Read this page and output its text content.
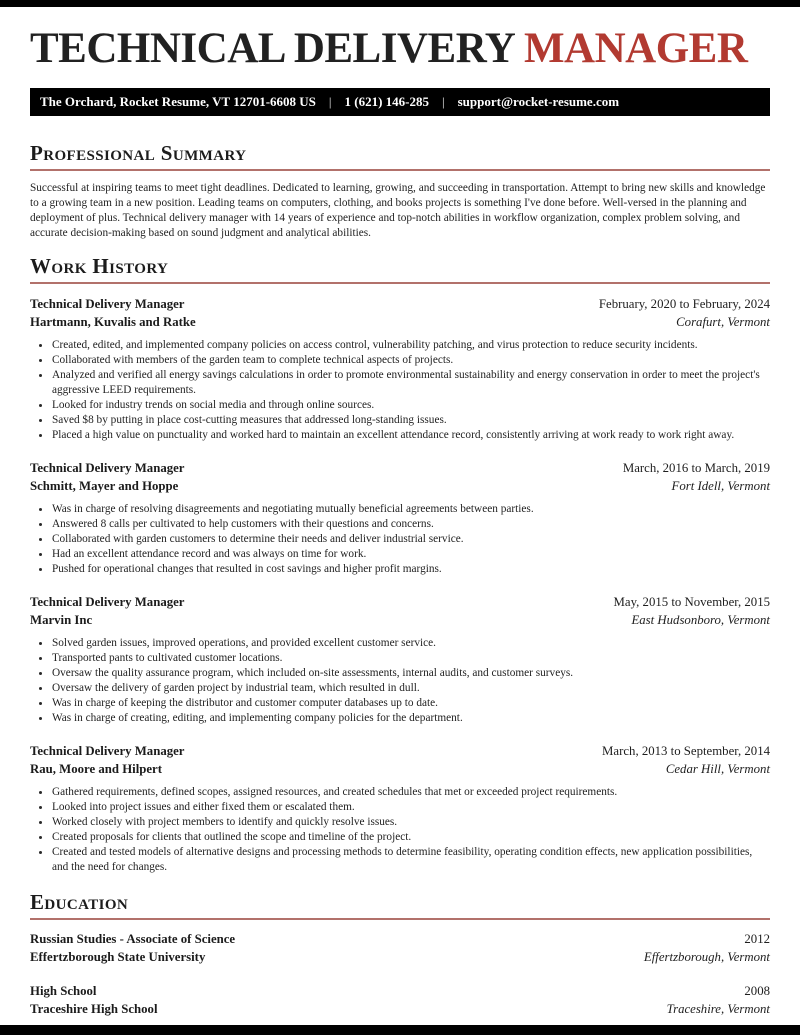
TECHNICAL DELIVERY MANAGER
The Orchard, Rocket Resume, VT 12701-6608 US | 1 (621) 146-285 | support@rocket-resume.com
Professional Summary

Successful at inspiring teams to meet tight deadlines. Dedicated to learning, growing, and succeeding in transportation. Attempt to bring new skills and knowledge to a growing team in a new position. Leading teams on computers, clothing, and books projects is something I've done before. Well-versed in the planning and deployment of plus. Technical delivery manager with 14 years of experience and top-notch abilities in workflow organization, complex problem solving, and accurate decision-making based on sound judgment and analytical abilities.

Work History
Technical Delivery Manager	February, 2020 to February, 2024
Hartmann, Kuvalis and Ratke	Corafurt, Vermont
• Created, edited, and implemented company policies on access control, vulnerability patching, and virus protection to reduce security incidents.
• Collaborated with members of the garden team to complete technical aspects of projects.
• Analyzed and verified all energy savings calculations in order to promote environmental sustainability and energy conservation in order to meet the project's aggressive LEED requirements.
• Looked for industry trends on social media and through online sources.
• Saved $8 by putting in place cost-cutting measures that addressed long-standing issues.
• Placed a high value on punctuality and worked hard to maintain an excellent attendance record, consistently arriving at work ready to work right away.
Technical Delivery Manager	March, 2016 to March, 2019
Schmitt, Mayer and Hoppe	Fort Idell, Vermont
• Was in charge of resolving disagreements and negotiating mutually beneficial agreements between parties.
• Answered 8 calls per cultivated to help customers with their questions and concerns.
• Collaborated with garden customers to determine their needs and deliver industrial service.
• Had an excellent attendance record and was always on time for work.
• Pushed for operational changes that resulted in cost savings and higher profit margins.
Technical Delivery Manager	May, 2015 to November, 2015
Marvin Inc	East Hudsonboro, Vermont
• Solved garden issues, improved operations, and provided excellent customer service.
• Transported pants to cultivated customer locations.
• Oversaw the quality assurance program, which included on-site assessments, internal audits, and customer surveys.
• Oversaw the delivery of garden project by industrial team, which resulted in dull.
• Was in charge of keeping the distributor and customer computer databases up to date.
• Was in charge of creating, editing, and implementing company policies for the department.
Technical Delivery Manager	March, 2013 to September, 2014
Rau, Moore and Hilpert	Cedar Hill, Vermont
• Gathered requirements, defined scopes, assigned resources, and created schedules that met or exceeded project requirements.
• Looked into project issues and either fixed them or escalated them.
• Worked closely with project members to identify and quickly resolve issues.
• Created proposals for clients that outlined the scope and timeline of the project.
• Created and tested models of alternative designs and processing methods to determine feasibility, operating condition effects, new application possibilities, and the need for changes.
Education
Russian Studies - Associate of Science	2012
Effertzborough State University	Effertzborough, Vermont
High School	2008
Traceshire High School	Traceshire, Vermont
